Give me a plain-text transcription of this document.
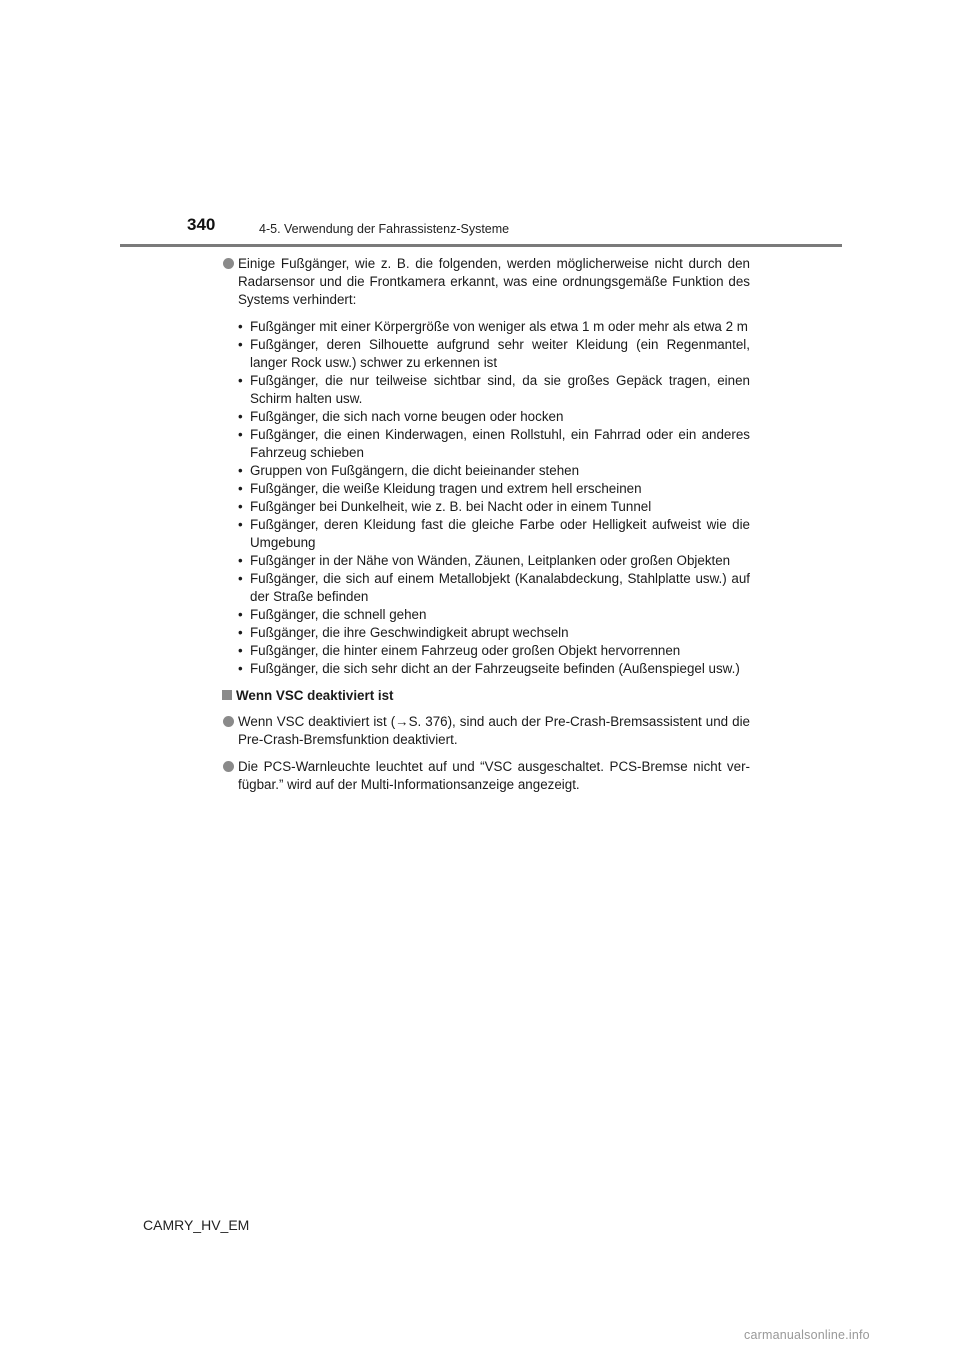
340	4-5. Verwendung der Fahrassistenz-Systeme
Einige Fußgänger, wie z. B. die folgenden, werden möglicherweise nicht durch den Radarsensor und die Frontkamera erkannt, was eine ordnungsgemäße Funktion des Systems verhindert:
• Fußgänger mit einer Körpergröße von weniger als etwa 1 m oder mehr als etwa 2 m
• Fußgänger, deren Silhouette aufgrund sehr weiter Kleidung (ein Regenmantel, langer Rock usw.) schwer zu erkennen ist
• Fußgänger, die nur teilweise sichtbar sind, da sie großes Gepäck tragen, einen Schirm halten usw.
• Fußgänger, die sich nach vorne beugen oder hocken
• Fußgänger, die einen Kinderwagen, einen Rollstuhl, ein Fahrrad oder ein anderes Fahrzeug schieben
• Gruppen von Fußgängern, die dicht beieinander stehen
• Fußgänger, die weiße Kleidung tragen und extrem hell erscheinen
• Fußgänger bei Dunkelheit, wie z. B. bei Nacht oder in einem Tunnel
• Fußgänger, deren Kleidung fast die gleiche Farbe oder Helligkeit aufweist wie die Umgebung
• Fußgänger in der Nähe von Wänden, Zäunen, Leitplanken oder großen Objekten
• Fußgänger, die sich auf einem Metallobjekt (Kanalabdeckung, Stahlplatte usw.) auf der Straße befinden
• Fußgänger, die schnell gehen
• Fußgänger, die ihre Geschwindigkeit abrupt wechseln
• Fußgänger, die hinter einem Fahrzeug oder großen Objekt hervorrennen
• Fußgänger, die sich sehr dicht an der Fahrzeugseite befinden (Außenspiegel usw.)
Wenn VSC deaktiviert ist
Wenn VSC deaktiviert ist (→S. 376), sind auch der Pre-Crash-Bremsassistent und die Pre-Crash-Bremsfunktion deaktiviert.
Die PCS-Warnleuchte leuchtet auf und “VSC ausgeschaltet. PCS-Bremse nicht ver-fügbar.” wird auf der Multi-Informationsanzeige angezeigt.
CAMRY_HV_EM
carmanualsonline.info
